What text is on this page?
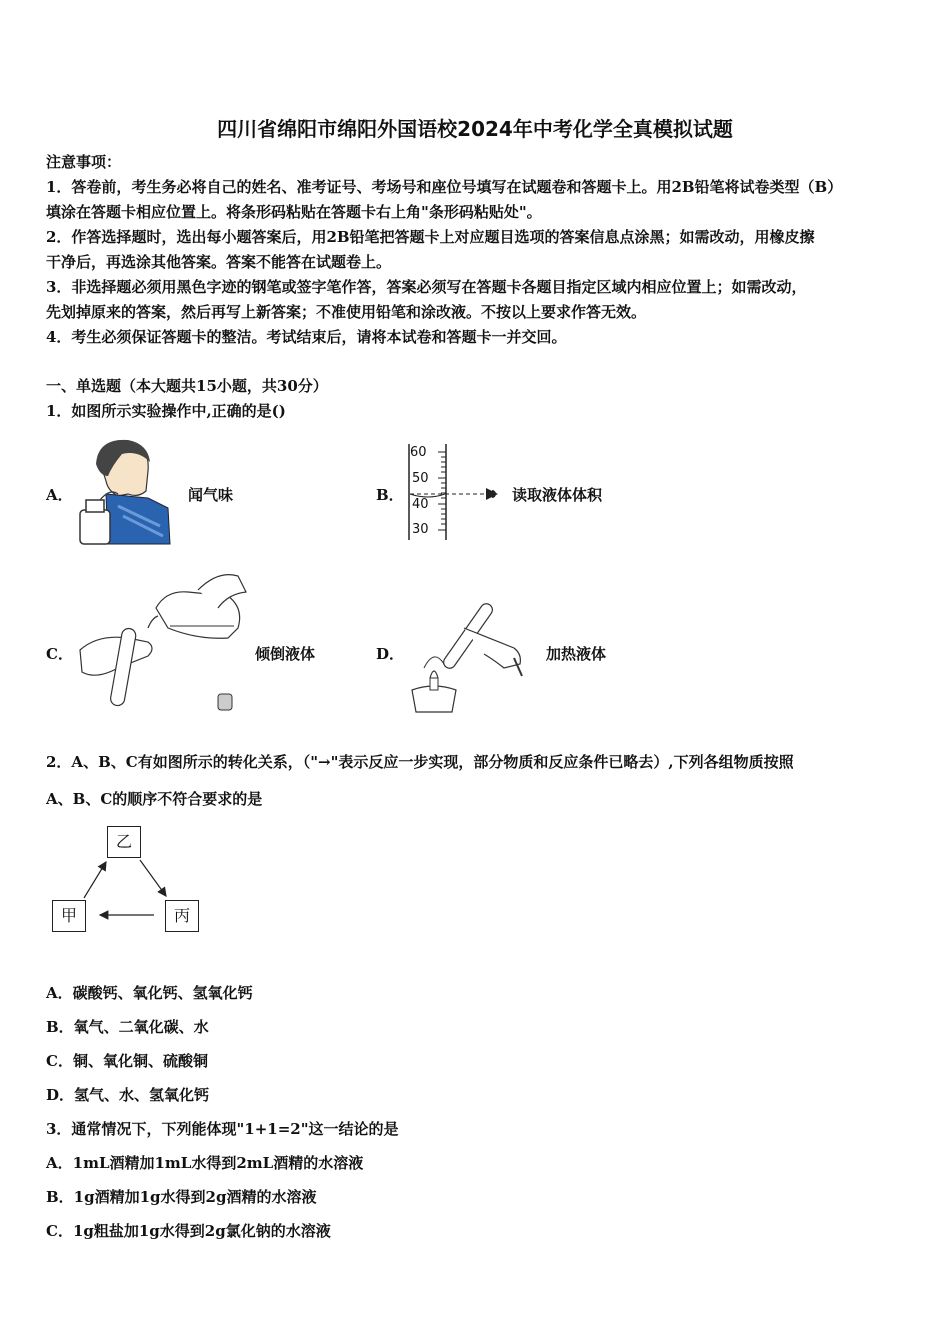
四川省绵阳市绵阳外国语校2024年中考化学全真模拟试题
注意事项：
1．答卷前，考生务必将自己的姓名、准考证号、考场号和座位号填写在试题卷和答题卡上。用2B铅笔将试卷类型（B）
填涂在答题卡相应位置上。将条形码粘贴在答题卡右上角"条形码粘贴处"。
2．作答选择题时，选出每小题答案后，用2B铅笔把答题卡上对应题目选项的答案信息点涂黑；如需改动，用橡皮擦
干净后，再选涂其他答案。答案不能答在试题卷上。
3．非选择题必须用黑色字迹的钢笔或签字笔作答，答案必须写在答题卡各题目指定区域内相应位置上；如需改动，
先划掉原来的答案，然后再写上新答案；不准使用铅笔和涂改液。不按以上要求作答无效。
4．考生必须保证答题卡的整洁。考试结束后，请将本试卷和答题卡一并交回。
一、单选题（本大题共15小题，共30分）
1．如图所示实验操作中,正确的是()
A．	闻气味	B．
60
50
40
30
读取液体体积
C．	倾倒液体	D．	加热液体
2．A、B、C有如图所示的转化关系，（"→"表示反应一步实现，部分物质和反应条件已略去）,下列各组物质按照
A、B、C的顺序不符合要求的是
乙
甲	丙
A．碳酸钙、氧化钙、氢氧化钙
B．氧气、二氧化碳、水
C．铜、氧化铜、硫酸铜
D．氢气、水、氢氧化钙
3．通常情况下，下列能体现"1+1=2"这一结论的是
A．1mL酒精加1mL水得到2mL酒精的水溶液
B．1g酒精加1g水得到2g酒精的水溶液
C．1g粗盐加1g水得到2g氯化钠的水溶液
